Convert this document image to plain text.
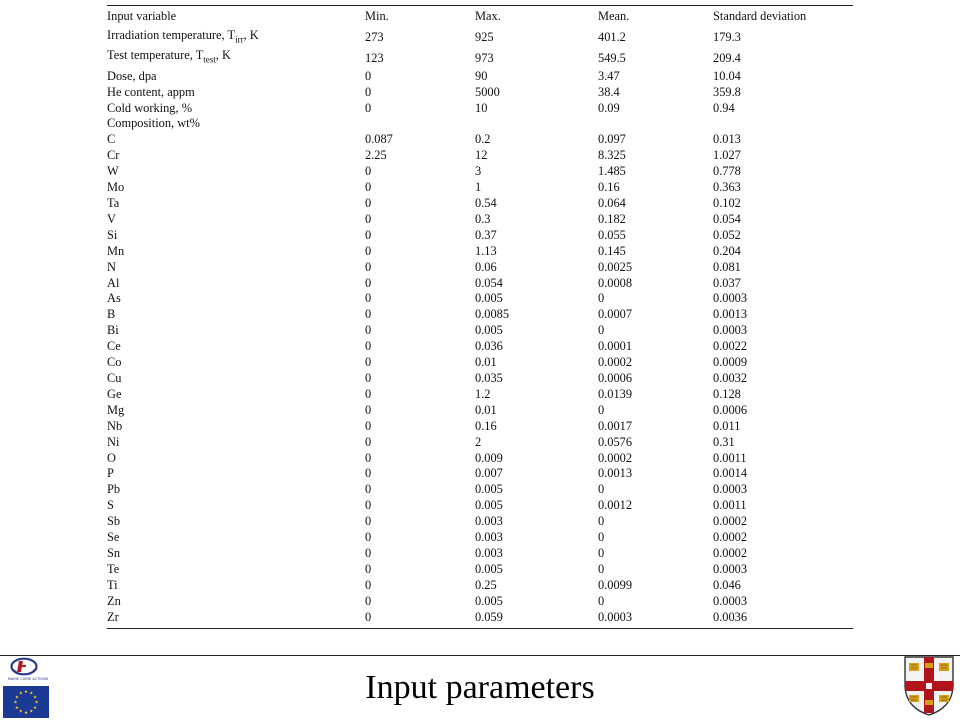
Input variable	Min.	Max.	Mean.	Standard deviation
Irradiation temperature, $T_{irr}$, K	273	925	401.2	179.3
Test temperature, $T_{test}$, K	123	973	549.5	209.4
Dose, dpa	0	90	3.47	10.04
He content, appm	0	5000	38.4	359.8
Cold working, %	0	10	0.09	0.94
Composition, wt%				
C	0.087	0.2	0.097	0.013
Cr	2.25	12	8.325	1.027
W	0	3	1.485	0.778
Mo	0	1	0.16	0.363
Ta	0	0.54	0.064	0.102
V	0	0.3	0.182	0.054
Si	0	0.37	0.055	0.052
Mn	0	1.13	0.145	0.204
N	0	0.06	0.0025	0.081
Al	0	0.054	0.0008	0.037
As	0	0.005	0	0.0003
B	0	0.0085	0.0007	0.0013
Bi	0	0.005	0	0.0003
Ce	0	0.036	0.0001	0.0022
Co	0	0.01	0.0002	0.0009
Cu	0	0.035	0.0006	0.0032
Ge	0	1.2	0.0139	0.128
Mg	0	0.01	0	0.0006
Nb	0	0.16	0.0017	0.011
Ni	0	2	0.0576	0.31
O	0	0.009	0.0002	0.0011
P	0	0.007	0.0013	0.0014
Pb	0	0.005	0	0.0003
S	0	0.005	0.0012	0.0011
Sb	0	0.003	0	0.0002
Se	0	0.003	0	0.0002
Sn	0	0.003	0	0.0002
Te	0	0.005	0	0.0003
Ti	0	0.25	0.0099	0.046
Zn	0	0.005	0	0.0003
Zr	0	0.059	0.0003	0.0036
MARIE CURIE ACTIONS
★ ★
★
★
★
★
★
★
★
★
★
★	Input parameters
